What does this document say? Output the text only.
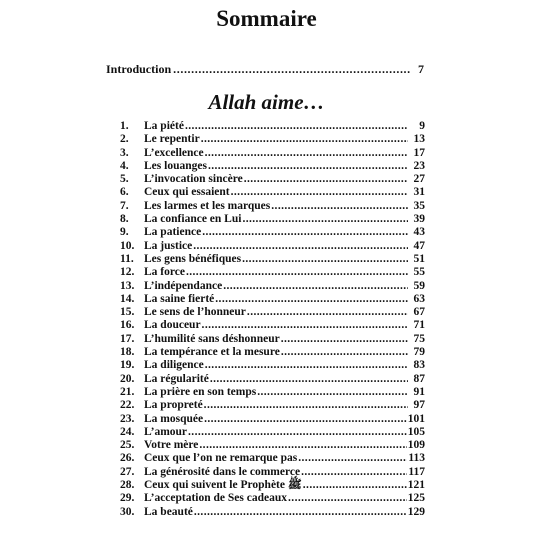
Sommaire
Introduction .....	7
Allah aime…
1.	La piété .....	9
2.	Le repentir .....	13
3.	L’excellence .....	17
4.	Les louanges .....	23
5.	L’invocation sincère .....	27
6.	Ceux qui essaient .....	31
7.	Les larmes et les marques .....	35
8.	La confiance en Lui .....	39
9.	La patience .....	43
10. La justice .....	47
11. Les gens bénéfiques .....	51
12. La force .....	55
13. L’indépendance .....	59
14. La saine fierté .....	63
15. Le sens de l’honneur .....	67
16. La douceur .....	71
17. L’humilité sans déshonneur .....	75
18. La tempérance et la mesure .....	79
19. La diligence .....	83
20. La régularité .....	87
21. La prière en son temps .....	91
22. La propreté .....	97
23. La mosquée .....	101
24. L’amour .....	105
25. Votre mère .....	109
26. Ceux que l’on ne remarque pas .....	113
27. La générosité dans le commerce .....	117
28. Ceux qui suivent le Prophète ﷺ .....	121
29. L’acceptation de Ses cadeaux .....	125
30. La beauté .....	129
